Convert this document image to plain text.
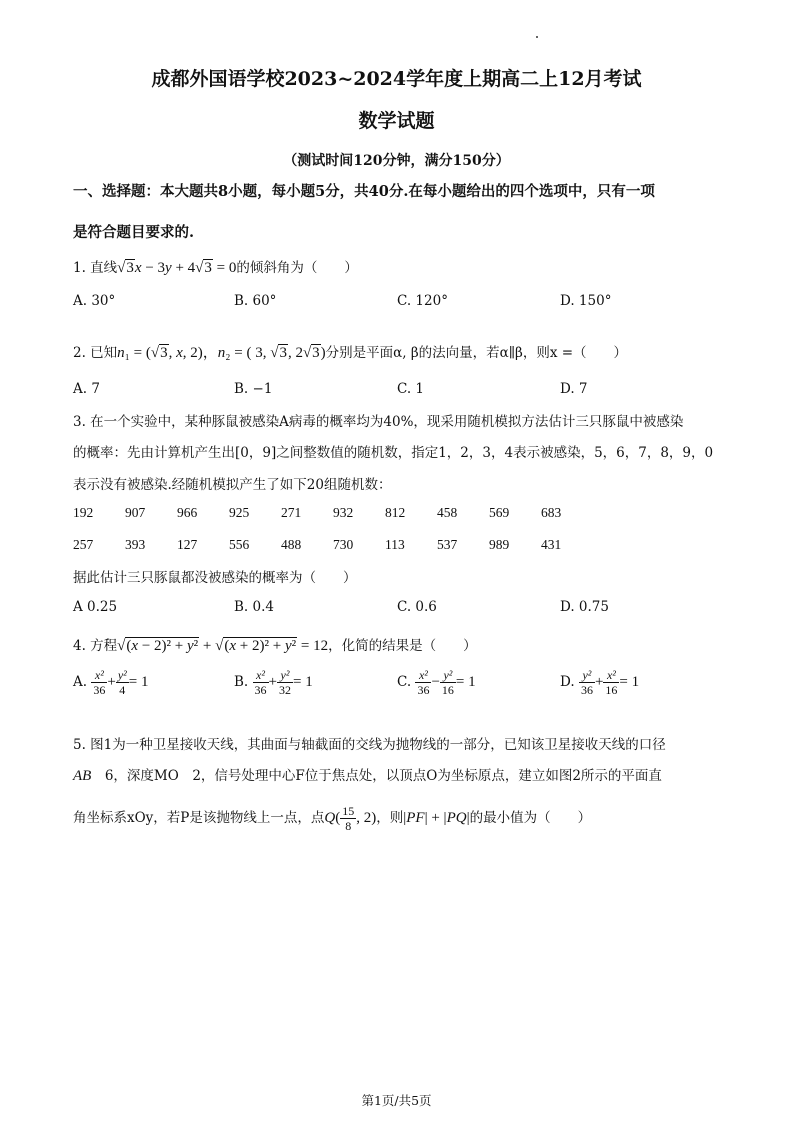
成都外国语学校2023~2024学年度上期高二上12月考试
数学试题
（测试时间120分钟，满分150分）
一、选择题：本大题共8小题，每小题5分，共40分.在每小题给出的四个选项中，只有一项
是符合题目要求的.
1. 直线√3x − 3y + 4√3 = 0的倾斜角为（　　）
A. 30°	B. 60°	C. 120°	D. 150°
2. 已知n₁ = (√3, x, 2)，n₂ = ( 3, √3, 2√3)分别是平面α, β的法向量，若α∥β，则x =（　　）
A. 7	B. −1	C. 1	D. 7
3. 在一个实验中，某种豚鼠被感染A病毒的概率均为40%，现采用随机模拟方法估计三只豚鼠中被感染
的概率：先由计算机产生出[0，9]之间整数值的随机数，指定1，2，3，4表示被感染，5，6，7，8，9，0
表示没有被感染.经随机模拟产生了如下20组随机数：
192 907 966 925 271 932 812 458 569 683
257 393 127 556 488 730 113 537 989 431
据此估计三只豚鼠都没被感染的概率为（　　）
A 0.25	B. 0.4	C. 0.6	D. 0.75
4. 方程√(x − 2)² + y² + √(x + 2)² + y² = 12，化简的结果是（　　）
A. $\frac{\text{x²}}{36} + \frac{\text{y²}}{4} = 1$	B. $\frac{\text{x²}}{36} + \frac{\text{y²}}{32} = 1$	C. $\frac{\text{x²}}{36} - \frac{\text{y²}}{16} = 1$	D. $\frac{\text{y²}}{36} + \frac{\text{x²}}{16} = 1$
5. 图1为一种卫星接收天线，其曲面与轴截面的交线为抛物线的一部分，已知该卫星接收天线的口径
AB　 6，深度MO　 2，信号处理中心F位于焦点处，以顶点O为坐标原点，建立如图2所示的平面直
角坐标系xOy，若P是该抛物线上一点，点$Q( \frac{15}{8}$ , 2)，则|PF| + |PQ|的最小值为（　　）
第1页/共5页
